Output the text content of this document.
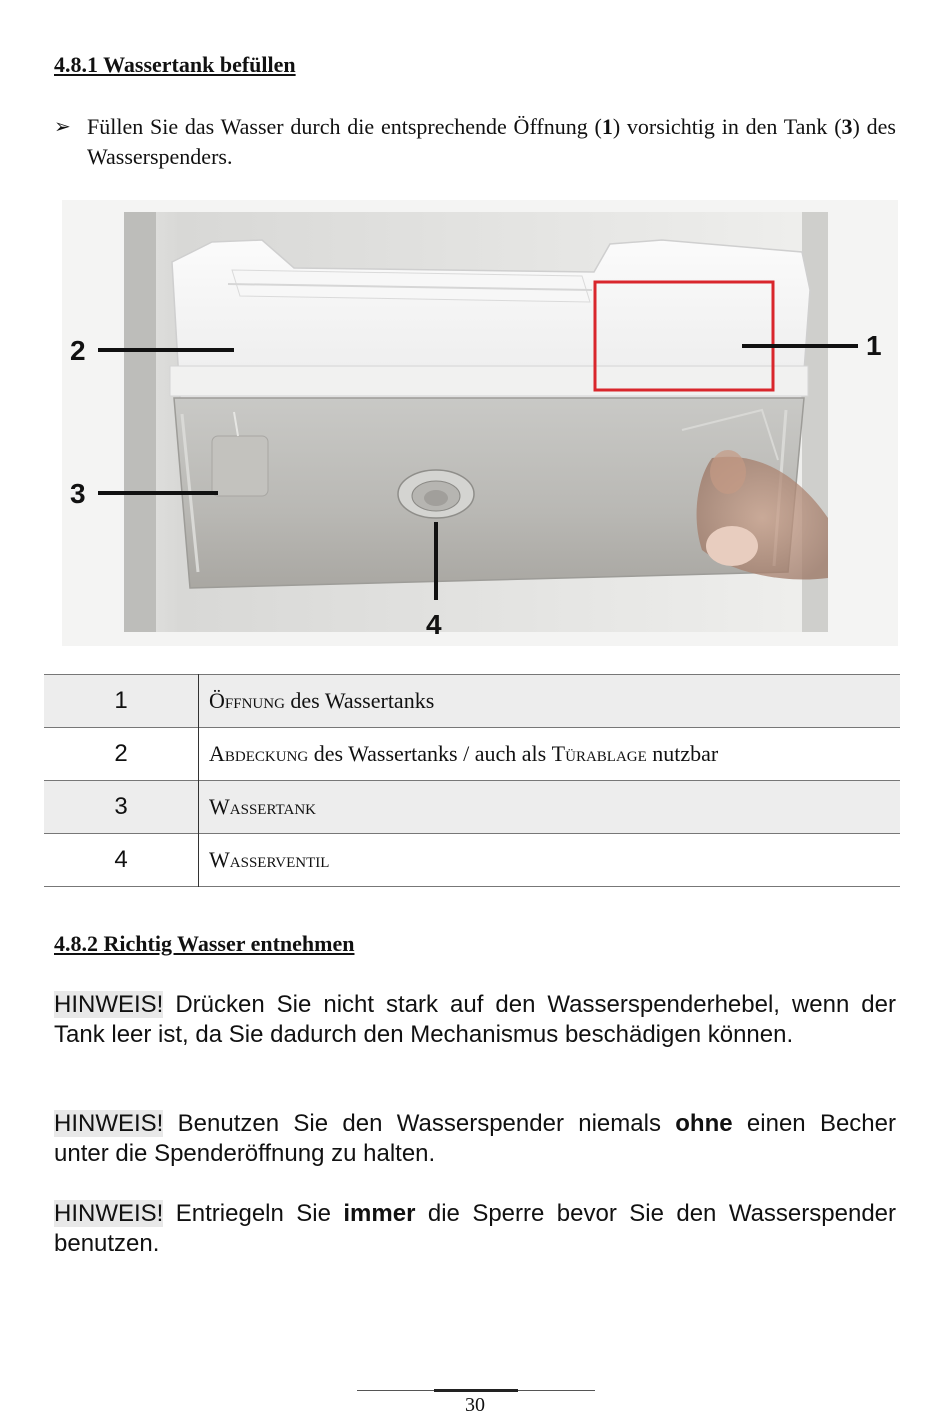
4.8.1 Wassertank befüllen
➢ Füllen Sie das Wasser durch die entsprechende Öffnung (1) vorsichtig in den Tank (3) des Wasserspenders.
2	1
3
4
1	Öffnung des Wassertanks
2	Abdeckung des Wassertanks / auch als Türablage nutzbar
3	Wassertank
4	Wasserventil
4.8.2 Richtig Wasser entnehmen
HINWEIS! Drücken Sie nicht stark auf den Wasserspenderhebel, wenn der Tank leer ist, da Sie dadurch den Mechanismus beschädigen können.
HINWEIS! Benutzen Sie den Wasserspender niemals ohne einen Becher unter die Spenderöffnung zu halten.
HINWEIS! Entriegeln Sie immer die Sperre bevor Sie den Wasserspender benutzen.
30
